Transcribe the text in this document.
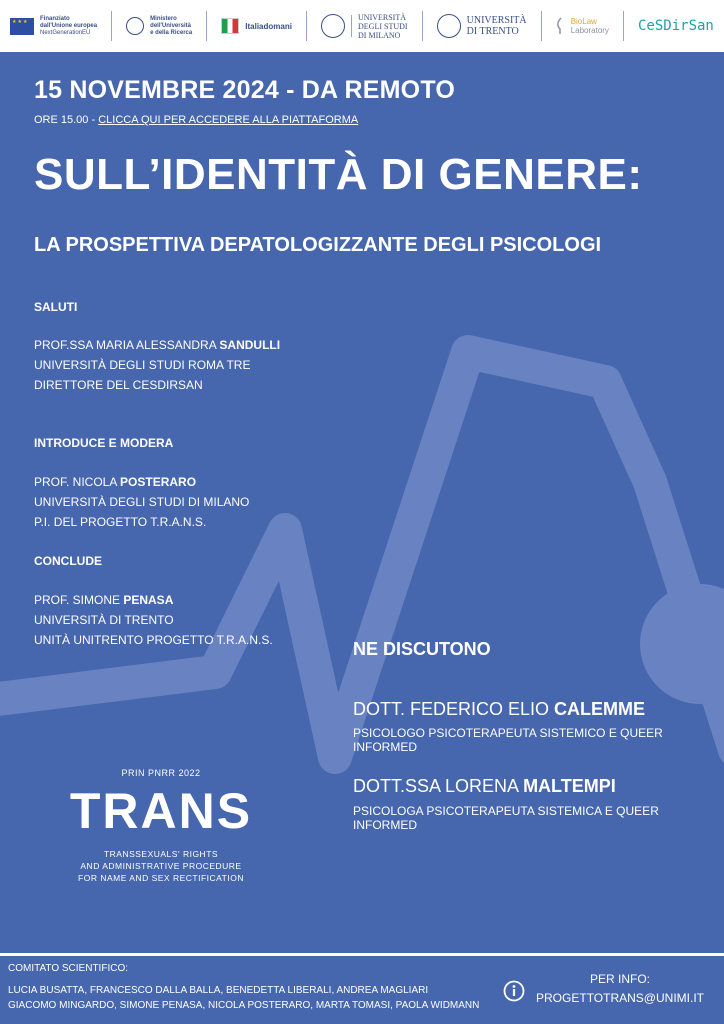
★★★
Finanziato
dall'Unione europea
NextGenerationEU
Ministero
dell'Università
e della Ricerca
Italiadomani
UNIVERSITÀ
DEGLI STUDI
DI MILANO
UNIVERSITÀ
DI TRENTO
BioLaw
Laboratory CeSDirSan
15 NOVEMBRE 2024 - DA REMOTO
ORE 15.00 - CLICCA QUI PER ACCEDERE ALLA PIATTAFORMA
SULL’IDENTITÀ DI GENERE:
LA PROSPETTIVA DEPATOLOGIZZANTE DEGLI PSICOLOGI
SALUTI
PROF.SSA MARIA ALESSANDRA SANDULLI
UNIVERSITÀ DEGLI STUDI ROMA TRE
DIRETTORE DEL CESDIRSAN
INTRODUCE E MODERA
PROF. NICOLA POSTERARO
UNIVERSITÀ DEGLI STUDI DI MILANO
P.I. DEL PROGETTO T.R.A.N.S.
CONCLUDE
PROF. SIMONE PENASA
UNIVERSITÀ DI TRENTO
UNITÀ UNITRENTO PROGETTO T.R.A.N.S.	NE DISCUTONO
DOTT. FEDERICO ELIO CALEMME
PSICOLOGO PSICOTERAPEUTA SISTEMICO E QUEER INFORMED
DOTT.SSA LORENA MALTEMPI
PSICOLOGA PSICOTERAPEUTA SISTEMICA E QUEER INFORMED
PRIN PNRR 2022
TRANS
TRANSSEXUALS' RIGHTS
AND ADMINISTRATIVE PROCEDURE
FOR NAME AND SEX RECTIFICATION
COMITATO SCIENTIFICO:
LUCIA BUSATTA, FRANCESCO DALLA BALLA, BENEDETTA LIBERALI, ANDREA MAGLIARI
GIACOMO MINGARDO, SIMONE PENASA, NICOLA POSTERARO, MARTA TOMASI, PAOLA WIDMANN
PER INFO:
PROGETTOTRANS@UNIMI.IT
